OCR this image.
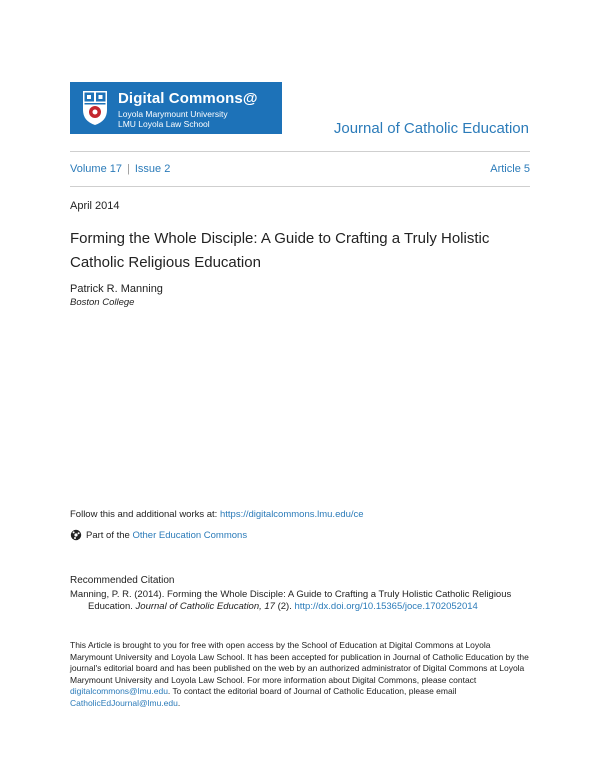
Digital Commons@
Loyola Marymount University
LMU Loyola Law School	Journal of Catholic Education
Volume 17 | Issue 2	Article 5
April 2014
Forming the Whole Disciple: A Guide to Crafting a Truly Holistic Catholic Religious Education
Patrick R. Manning
Boston College
Follow this and additional works at: https://digitalcommons.lmu.edu/ce
Part of the
Other Education Commons
Recommended Citation
Manning, P. R. (2014). Forming the Whole Disciple: A Guide to Crafting a Truly Holistic Catholic Religious
Education. Journal of Catholic Education, 17 (2). http://dx.doi.org/10.15365/joce.1702052014
This Article is brought to you for free with open access by the School of Education at Digital Commons at Loyola Marymount University and Loyola Law School. It has been accepted for publication in Journal of Catholic Education by the journal's editorial board and has been published on the web by an authorized administrator of Digital Commons at Loyola Marymount University and Loyola Law School. For more information about Digital Commons, please contact digitalcommons@lmu.edu. To contact the editorial board of Journal of Catholic Education, please email CatholicEdJournal@lmu.edu.
